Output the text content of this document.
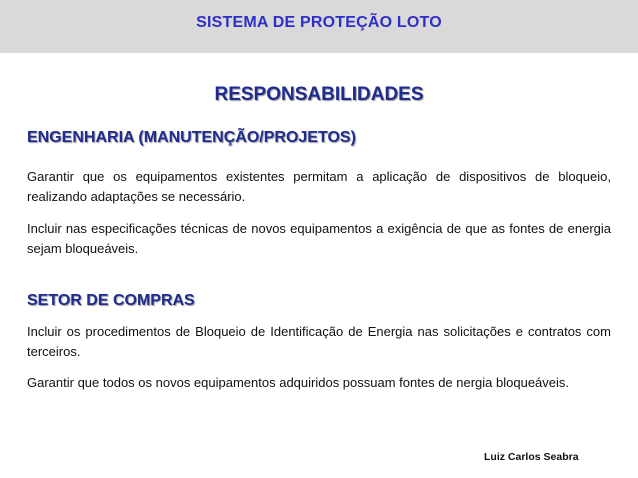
SISTEMA DE PROTEÇÃO LOTO
RESPONSABILIDADES
ENGENHARIA (MANUTENÇÃO/PROJETOS)
Garantir que os equipamentos existentes permitam a aplicação de dispositivos de bloqueio, realizando adaptações se necessário.
Incluir nas especificações técnicas de novos equipamentos a exigência de que as fontes de energia sejam bloqueáveis.
SETOR DE COMPRAS
Incluir os procedimentos de Bloqueio de Identificação de Energia nas solicitações e contratos com terceiros.
Garantir que todos os novos equipamentos adquiridos possuam fontes de nergia bloqueáveis.
Luiz Carlos Seabra
